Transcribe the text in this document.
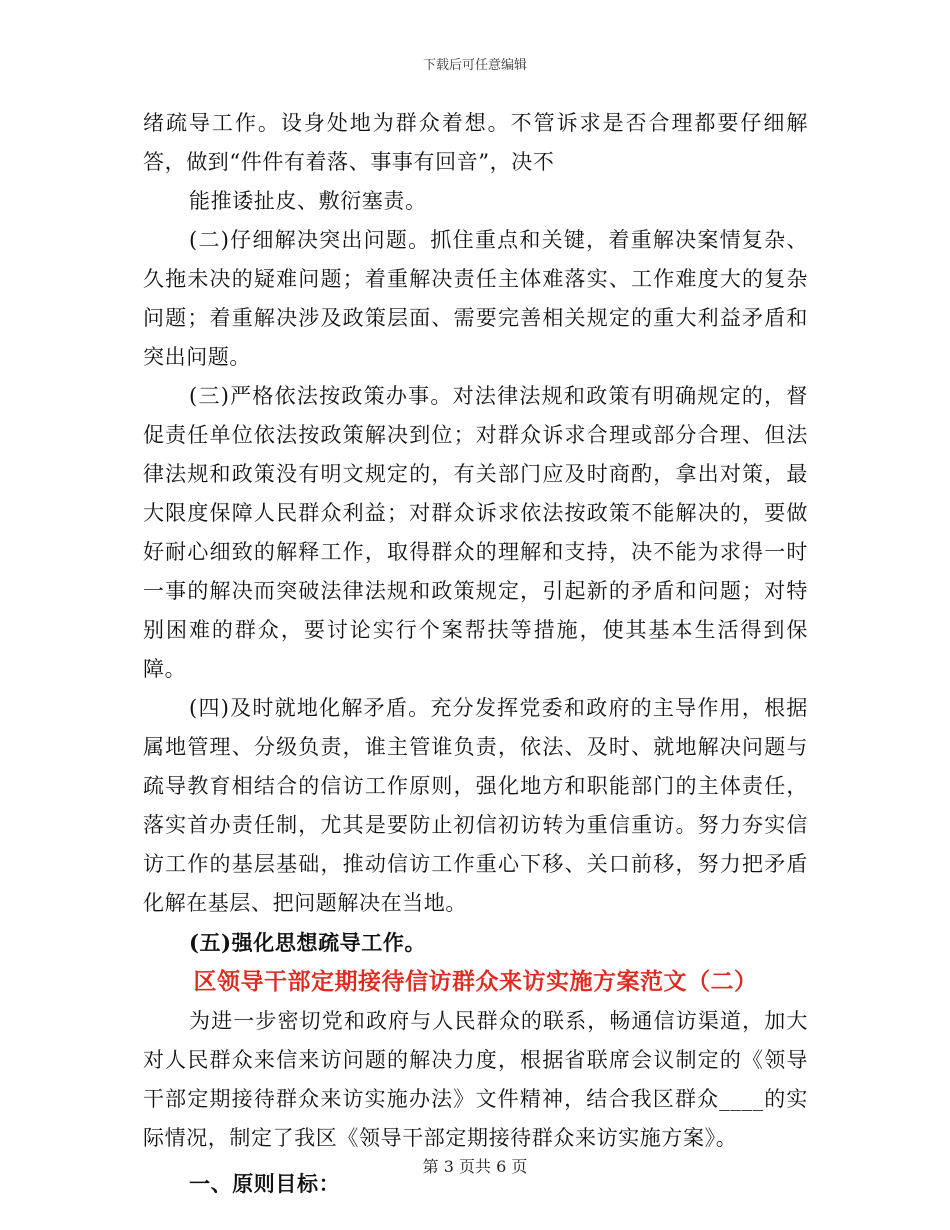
下载后可任意编辑

绪疏导工作。设身处地为群众着想。不管诉求是否合理都要仔细解答，做到“件件有着落、事事有回音”，决不

能推诿扯皮、敷衍塞责。

(二)仔细解决突出问题。抓住重点和关键，着重解决案情复杂、久拖未决的疑难问题；着重解决责任主体难落实、工作难度大的复杂问题；着重解决涉及政策层面、需要完善相关规定的重大利益矛盾和突出问题。

(三)严格依法按政策办事。对法律法规和政策有明确规定的，督促责任单位依法按政策解决到位；对群众诉求合理或部分合理、但法律法规和政策没有明文规定的，有关部门应及时商酌，拿出对策，最大限度保障人民群众利益；对群众诉求依法按政策不能解决的，要做好耐心细致的解释工作，取得群众的理解和支持，决不能为求得一时一事的解决而突破法律法规和政策规定，引起新的矛盾和问题；对特别困难的群众，要讨论实行个案帮扶等措施，使其基本生活得到保障。

(四)及时就地化解矛盾。充分发挥党委和政府的主导作用，根据属地管理、分级负责，谁主管谁负责，依法、及时、就地解决问题与疏导教育相结合的信访工作原则，强化地方和职能部门的主体责任，落实首办责任制，尤其是要防止初信初访转为重信重访。努力夯实信访工作的基层基础，推动信访工作重心下移、关口前移，努力把矛盾化解在基层、把问题解决在当地。

(五)强化思想疏导工作。

区领导干部定期接待信访群众来访实施方案范文（二）

为进一步密切党和政府与人民群众的联系，畅通信访渠道，加大对人民群众来信来访问题的解决力度，根据省联席会议制定的《领导干部定期接待群众来访实施办法》文件精神，结合我区群众____的实际情况，制定了我区《领导干部定期接待群众来访实施方案》。

一、原则目标：

第 3 页共 6 页
